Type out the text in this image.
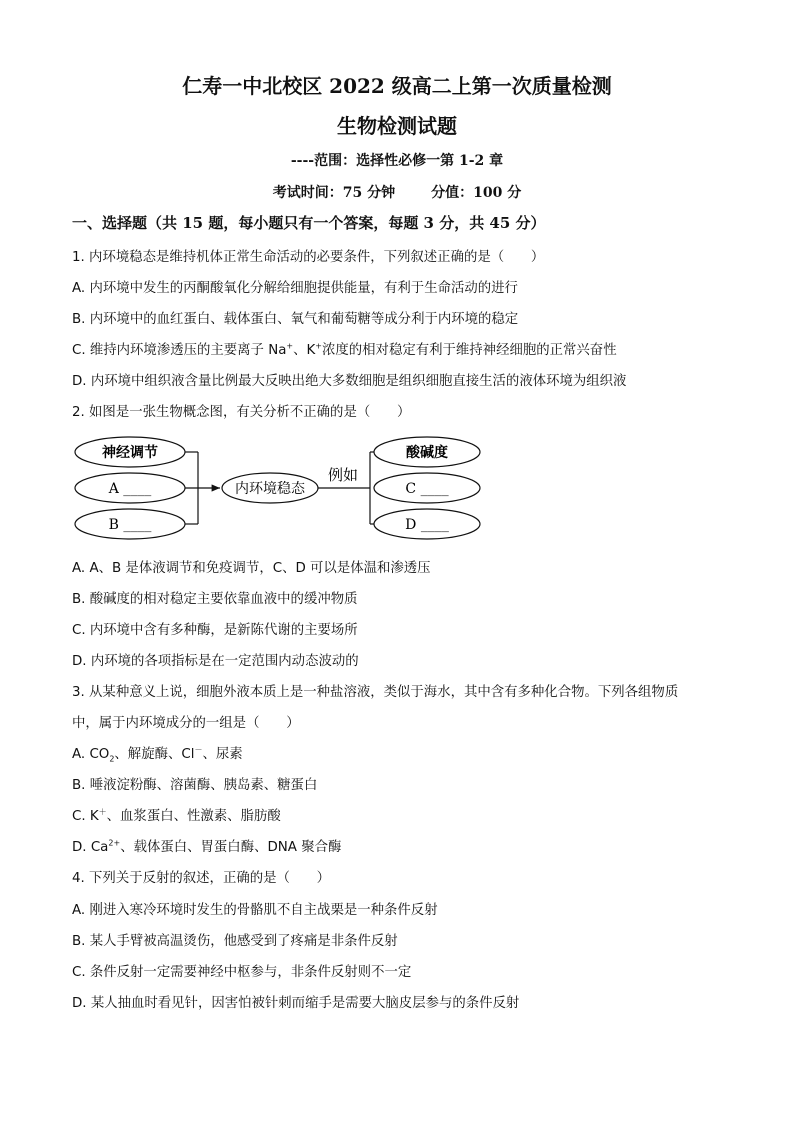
仁寿一中北校区 2022 级高二上第一次质量检测
生物检测试题
----范围：选择性必修一第 1-2 章
考试时间：75 分钟	分值：100 分
一、选择题（共 15 题，每小题只有一个答案，每题 3 分，共 45 分）
1. 内环境稳态是维持机体正常生命活动的必要条件，下列叙述正确的是（　　）
A. 内环境中发生的丙酮酸氧化分解给细胞提供能量，有利于生命活动的进行
B. 内环境中的血红蛋白、载体蛋白、氧气和葡萄糖等成分利于内环境的稳定
C. 维持内环境渗透压的主要离子 Na+、K+浓度的相对稳定有利于维持神经细胞的正常兴奋性
D. 内环境中组织液含量比例最大反映出绝大多数细胞是组织细胞直接生活的液体环境为组织液
2. 如图是一张生物概念图，有关分析不正确的是（　　）
神经调节
A ____
B ____
内环境稳态
例如
酸碱度
C ____
D ____
A. A、B 是体液调节和免疫调节，C、D 可以是体温和渗透压
B. 酸碱度的相对稳定主要依靠血液中的缓冲物质
C. 内环境中含有多种酶，是新陈代谢的主要场所
D. 内环境的各项指标是在一定范围内动态波动的
3. 从某种意义上说，细胞外液本质上是一种盐溶液，类似于海水，其中含有多种化合物。下列各组物质
中，属于内环境成分的一组是（　　）
A. $CO_2$、解旋酶、Cl－、尿素
B. 唾液淀粉酶、溶菌酶、胰岛素、糖蛋白
C. K＋、血浆蛋白、性激素、脂肪酸
D. $Ca^{2+}$、载体蛋白、胃蛋白酶、DNA 聚合酶
4. 下列关于反射的叙述，正确的是（　　）
A. 刚进入寒冷环境时发生的骨骼肌不自主战栗是一种条件反射
B. 某人手臂被高温烫伤，他感受到了疼痛是非条件反射
C. 条件反射一定需要神经中枢参与，非条件反射则不一定
D. 某人抽血时看见针，因害怕被针刺而缩手是需要大脑皮层参与的条件反射
